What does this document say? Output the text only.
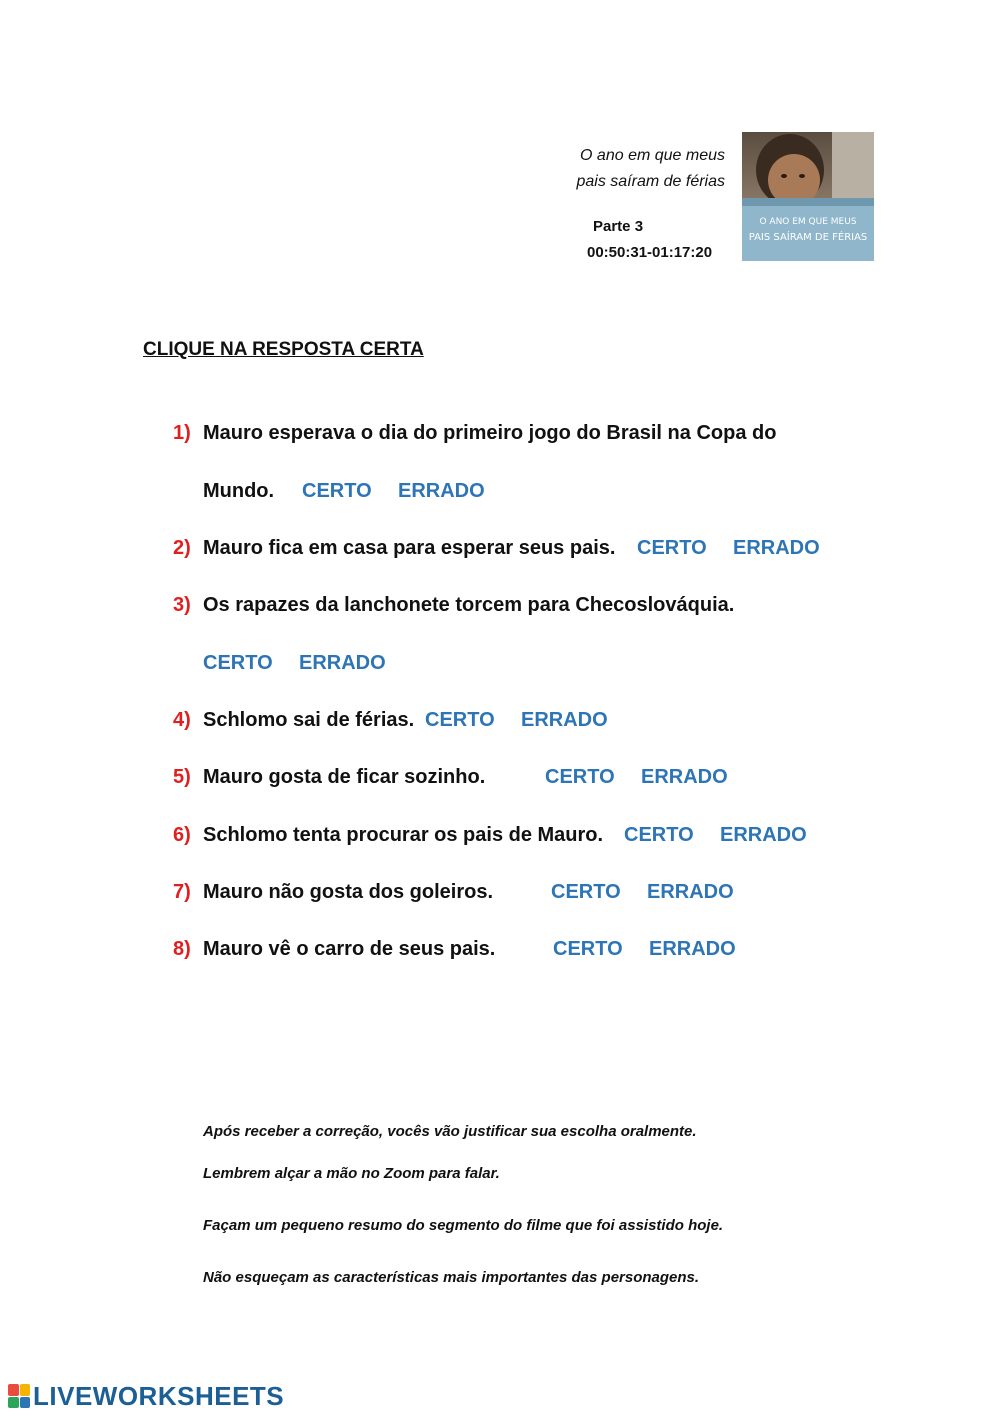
O ano em que meus
pais saíram de férias
Parte 3
00:50:31-01:17:20
O ANO EM QUE MEUS
PAIS SAÍRAM DE FÉRIAS
CLIQUE NA RESPOSTA CERTA
1) Mauro esperava o dia do primeiro jogo do Brasil na Copa do
Mundo. CERTO ERRADO
2) Mauro fica em casa para esperar seus pais. CERTO ERRADO
3) Os rapazes da lanchonete torcem para Checoslováquia.
CERTO ERRADO
4) Schlomo sai de férias. CERTO ERRADO
5) Mauro gosta de ficar sozinho.	CERTO ERRADO
6) Schlomo tenta procurar os pais de Mauro. CERTO ERRADO
7) Mauro não gosta dos goleiros.	CERTO ERRADO
8) Mauro vê o carro de seus pais.	CERTO ERRADO
Após receber a correção, vocês vão justificar sua escolha oralmente.
Lembrem alçar a mão no Zoom para falar.
Façam um pequeno resumo do segmento do filme que foi assistido hoje.
Não esqueçam as características mais importantes das personagens.
LIVEWORKSHEETS
